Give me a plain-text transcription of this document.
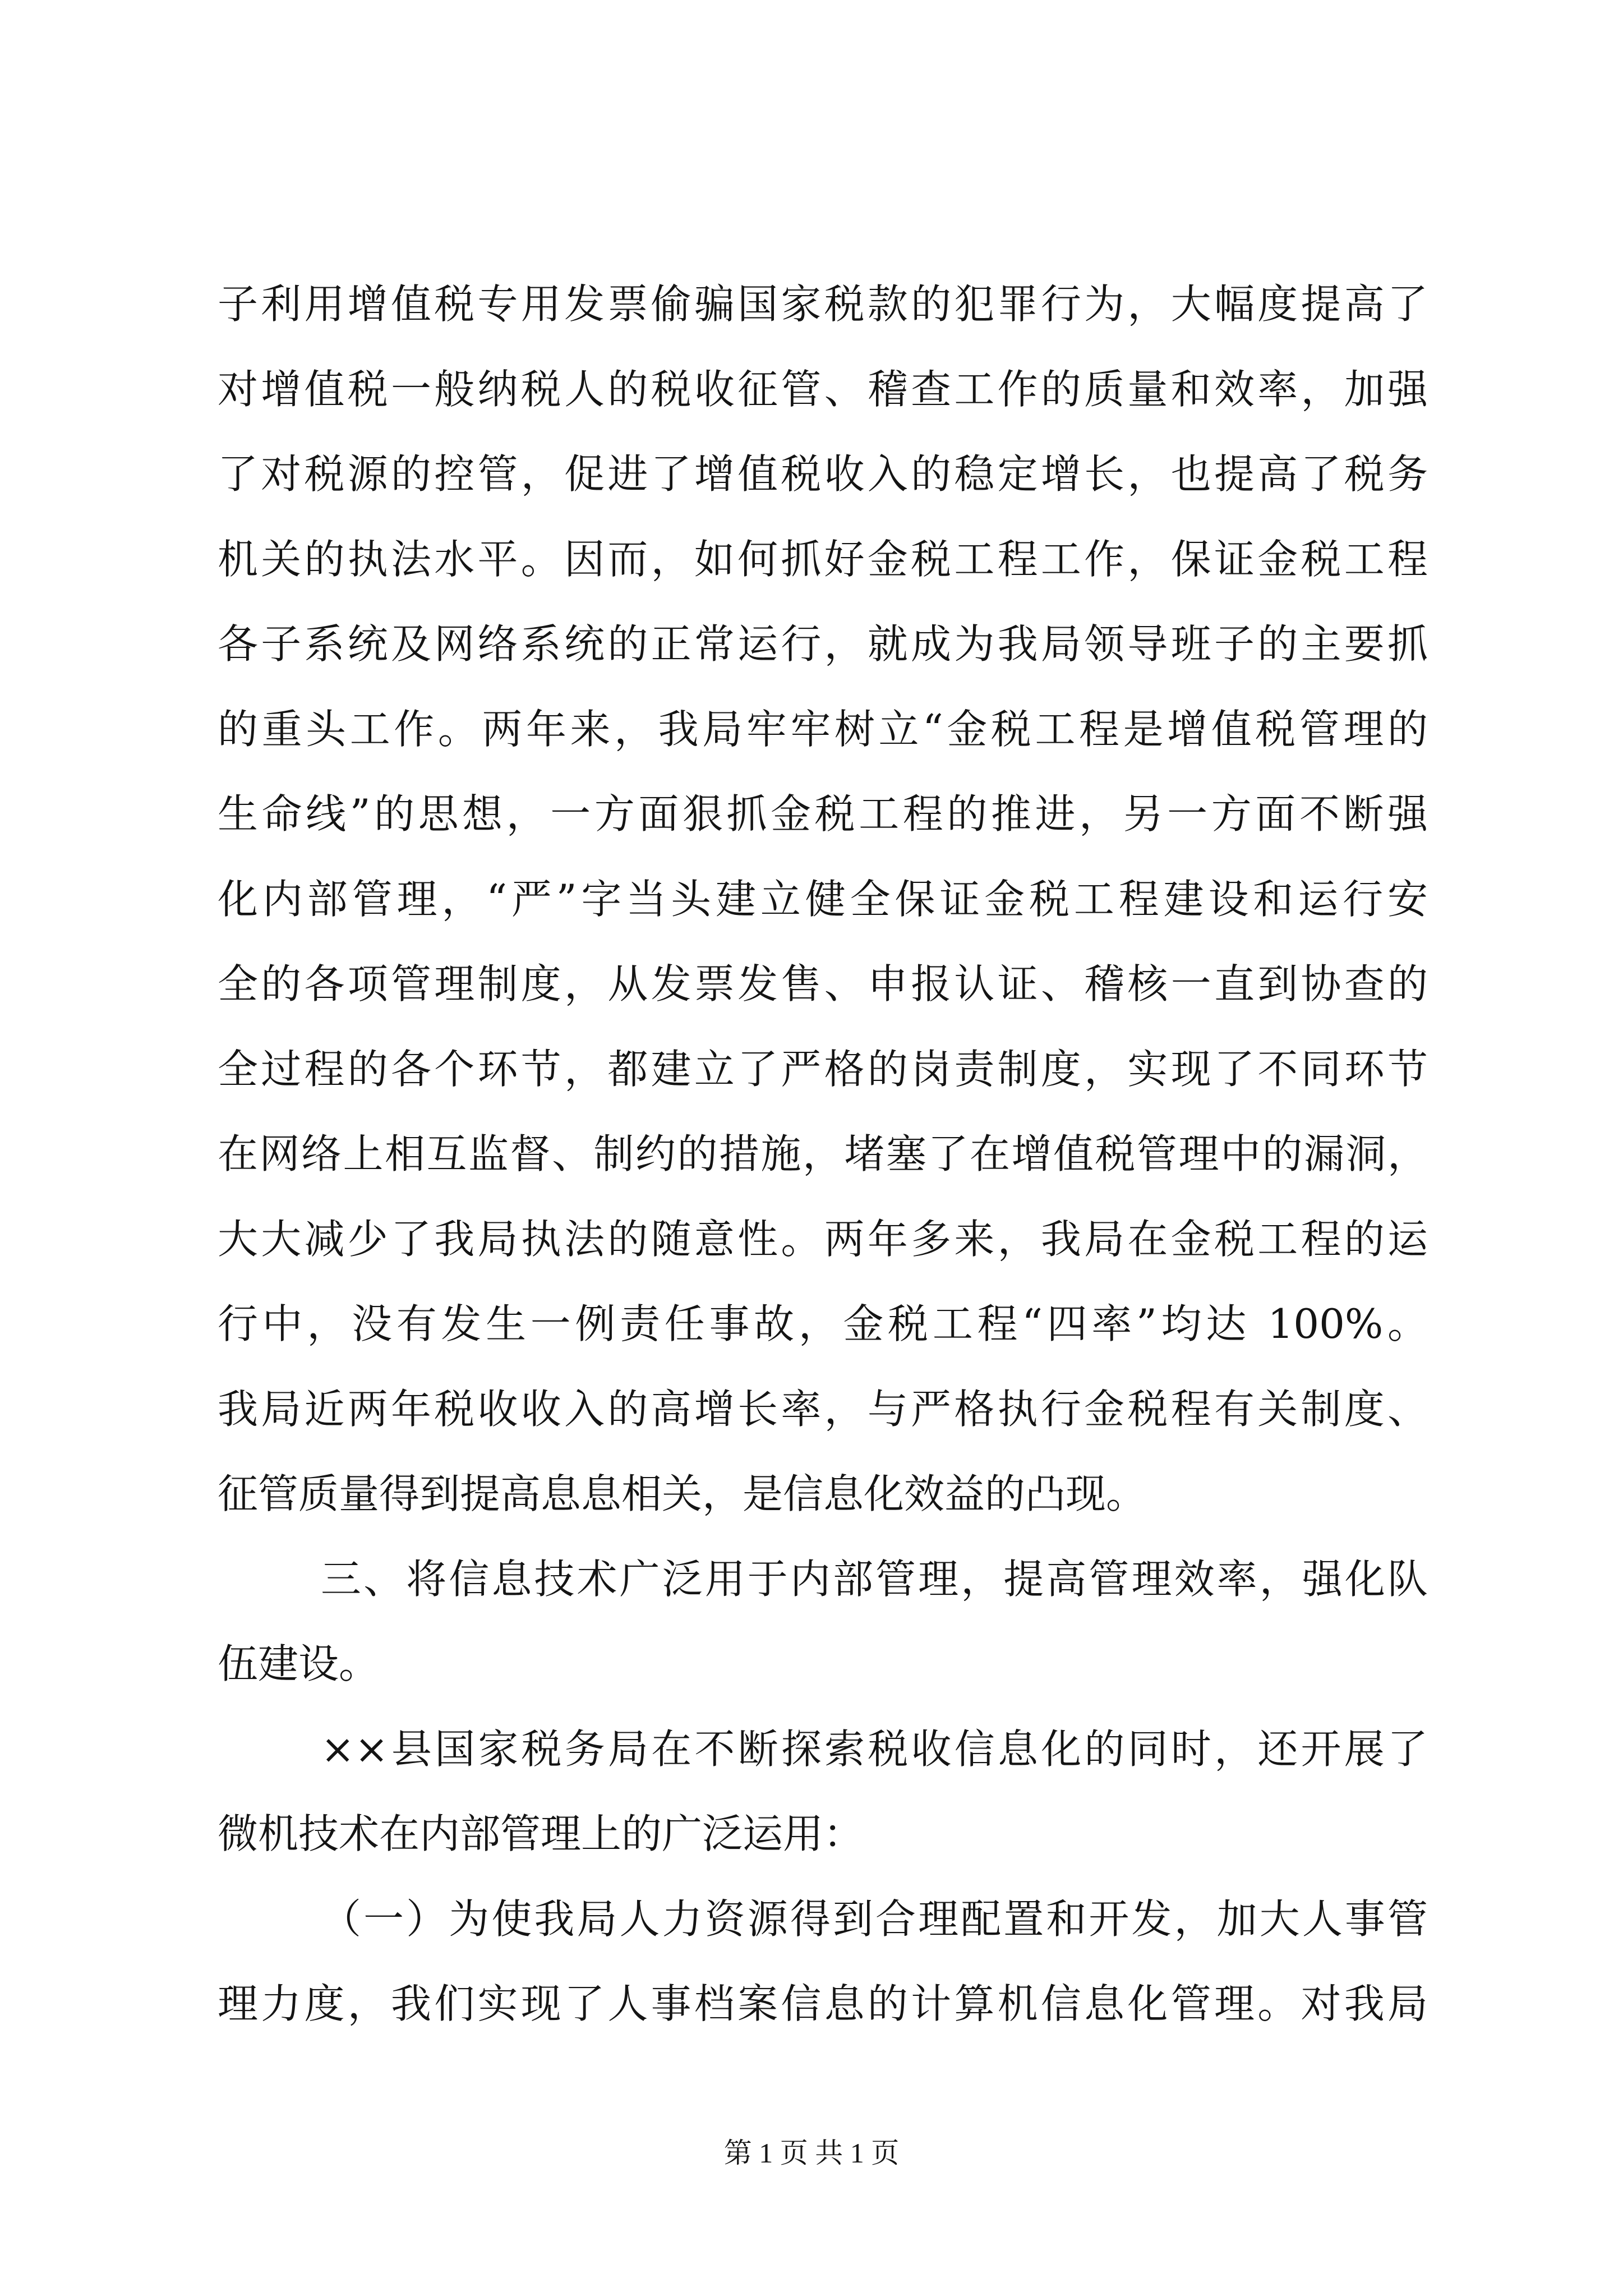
子利用增值税专用发票偷骗国家税款的犯罪行为，大幅度提高了
对增值税一般纳税人的税收征管、稽查工作的质量和效率，加强
了对税源的控管，促进了增值税收入的稳定增长，也提高了税务
机关的执法水平。因而，如何抓好金税工程工作，保证金税工程
各子系统及网络系统的正常运行，就成为我局领导班子的主要抓
的重头工作。两年来，我局牢牢树立“金税工程是增值税管理的
生命线”的思想，一方面狠抓金税工程的推进，另一方面不断强
化内部管理，“严”字当头建立健全保证金税工程建设和运行安
全的各项管理制度，从发票发售、申报认证、稽核一直到协查的
全过程的各个环节，都建立了严格的岗责制度，实现了不同环节
在网络上相互监督、制约的措施，堵塞了在增值税管理中的漏洞，
大大减少了我局执法的随意性。两年多来，我局在金税工程的运
行中，没有发生一例责任事故，金税工程“四率”均达 100%。
我局近两年税收收入的高增长率，与严格执行金税程有关制度、
征管质量得到提高息息相关，是信息化效益的凸现。
三、将信息技术广泛用于内部管理，提高管理效率，强化队
伍建设。
××县国家税务局在不断探索税收信息化的同时，还开展了
微机技术在内部管理上的广泛运用：
（一）为使我局人力资源得到合理配置和开发，加大人事管
理力度，我们实现了人事档案信息的计算机信息化管理。对我局
第 1 页 共 1 页
